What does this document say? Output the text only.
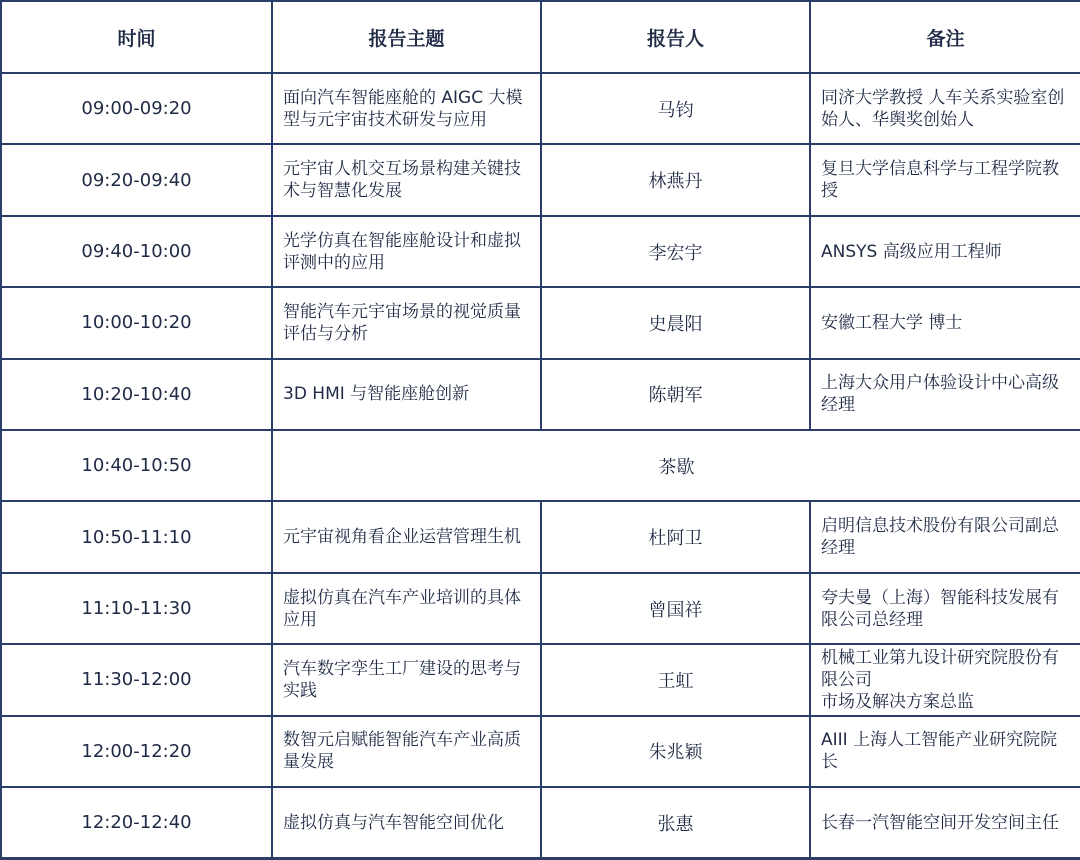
时间	报告主题	报告人	备注
09:00-09:20	面向汽车智能座舱的 AIGC 大模型与元宇宙技术研发与应用	马钧	同济大学教授 人车关系实验室创始人、华舆奖创始人
09:20-09:40	元宇宙人机交互场景构建关键技术与智慧化发展	林燕丹	复旦大学信息科学与工程学院教授
09:40-10:00	光学仿真在智能座舱设计和虚拟评测中的应用	李宏宇	ANSYS 高级应用工程师
10:00-10:20	智能汽车元宇宙场景的视觉质量评估与分析	史晨阳	安徽工程大学 博士
10:20-10:40	3D HMI 与智能座舱创新	陈朝军	上海大众用户体验设计中心高级经理
10:40-10:50	茶歇		
10:50-11:10	元宇宙视角看企业运营管理生机	杜阿卫	启明信息技术股份有限公司副总经理
11:10-11:30	虚拟仿真在汽车产业培训的具体应用	曾国祥	夸夫曼（上海）智能科技发展有限公司总经理
11:30-12:00	汽车数字孪生工厂建设的思考与实践	王虹	机械工业第九设计研究院股份有限公司
市场及解决方案总监

12:00-12:20	数智元启赋能智能汽车产业高质量发展	朱兆颖	AIII 上海人工智能产业研究院院长
12:20-12:40	虚拟仿真与汽车智能空间优化	张惠	长春一汽智能空间开发空间主任
